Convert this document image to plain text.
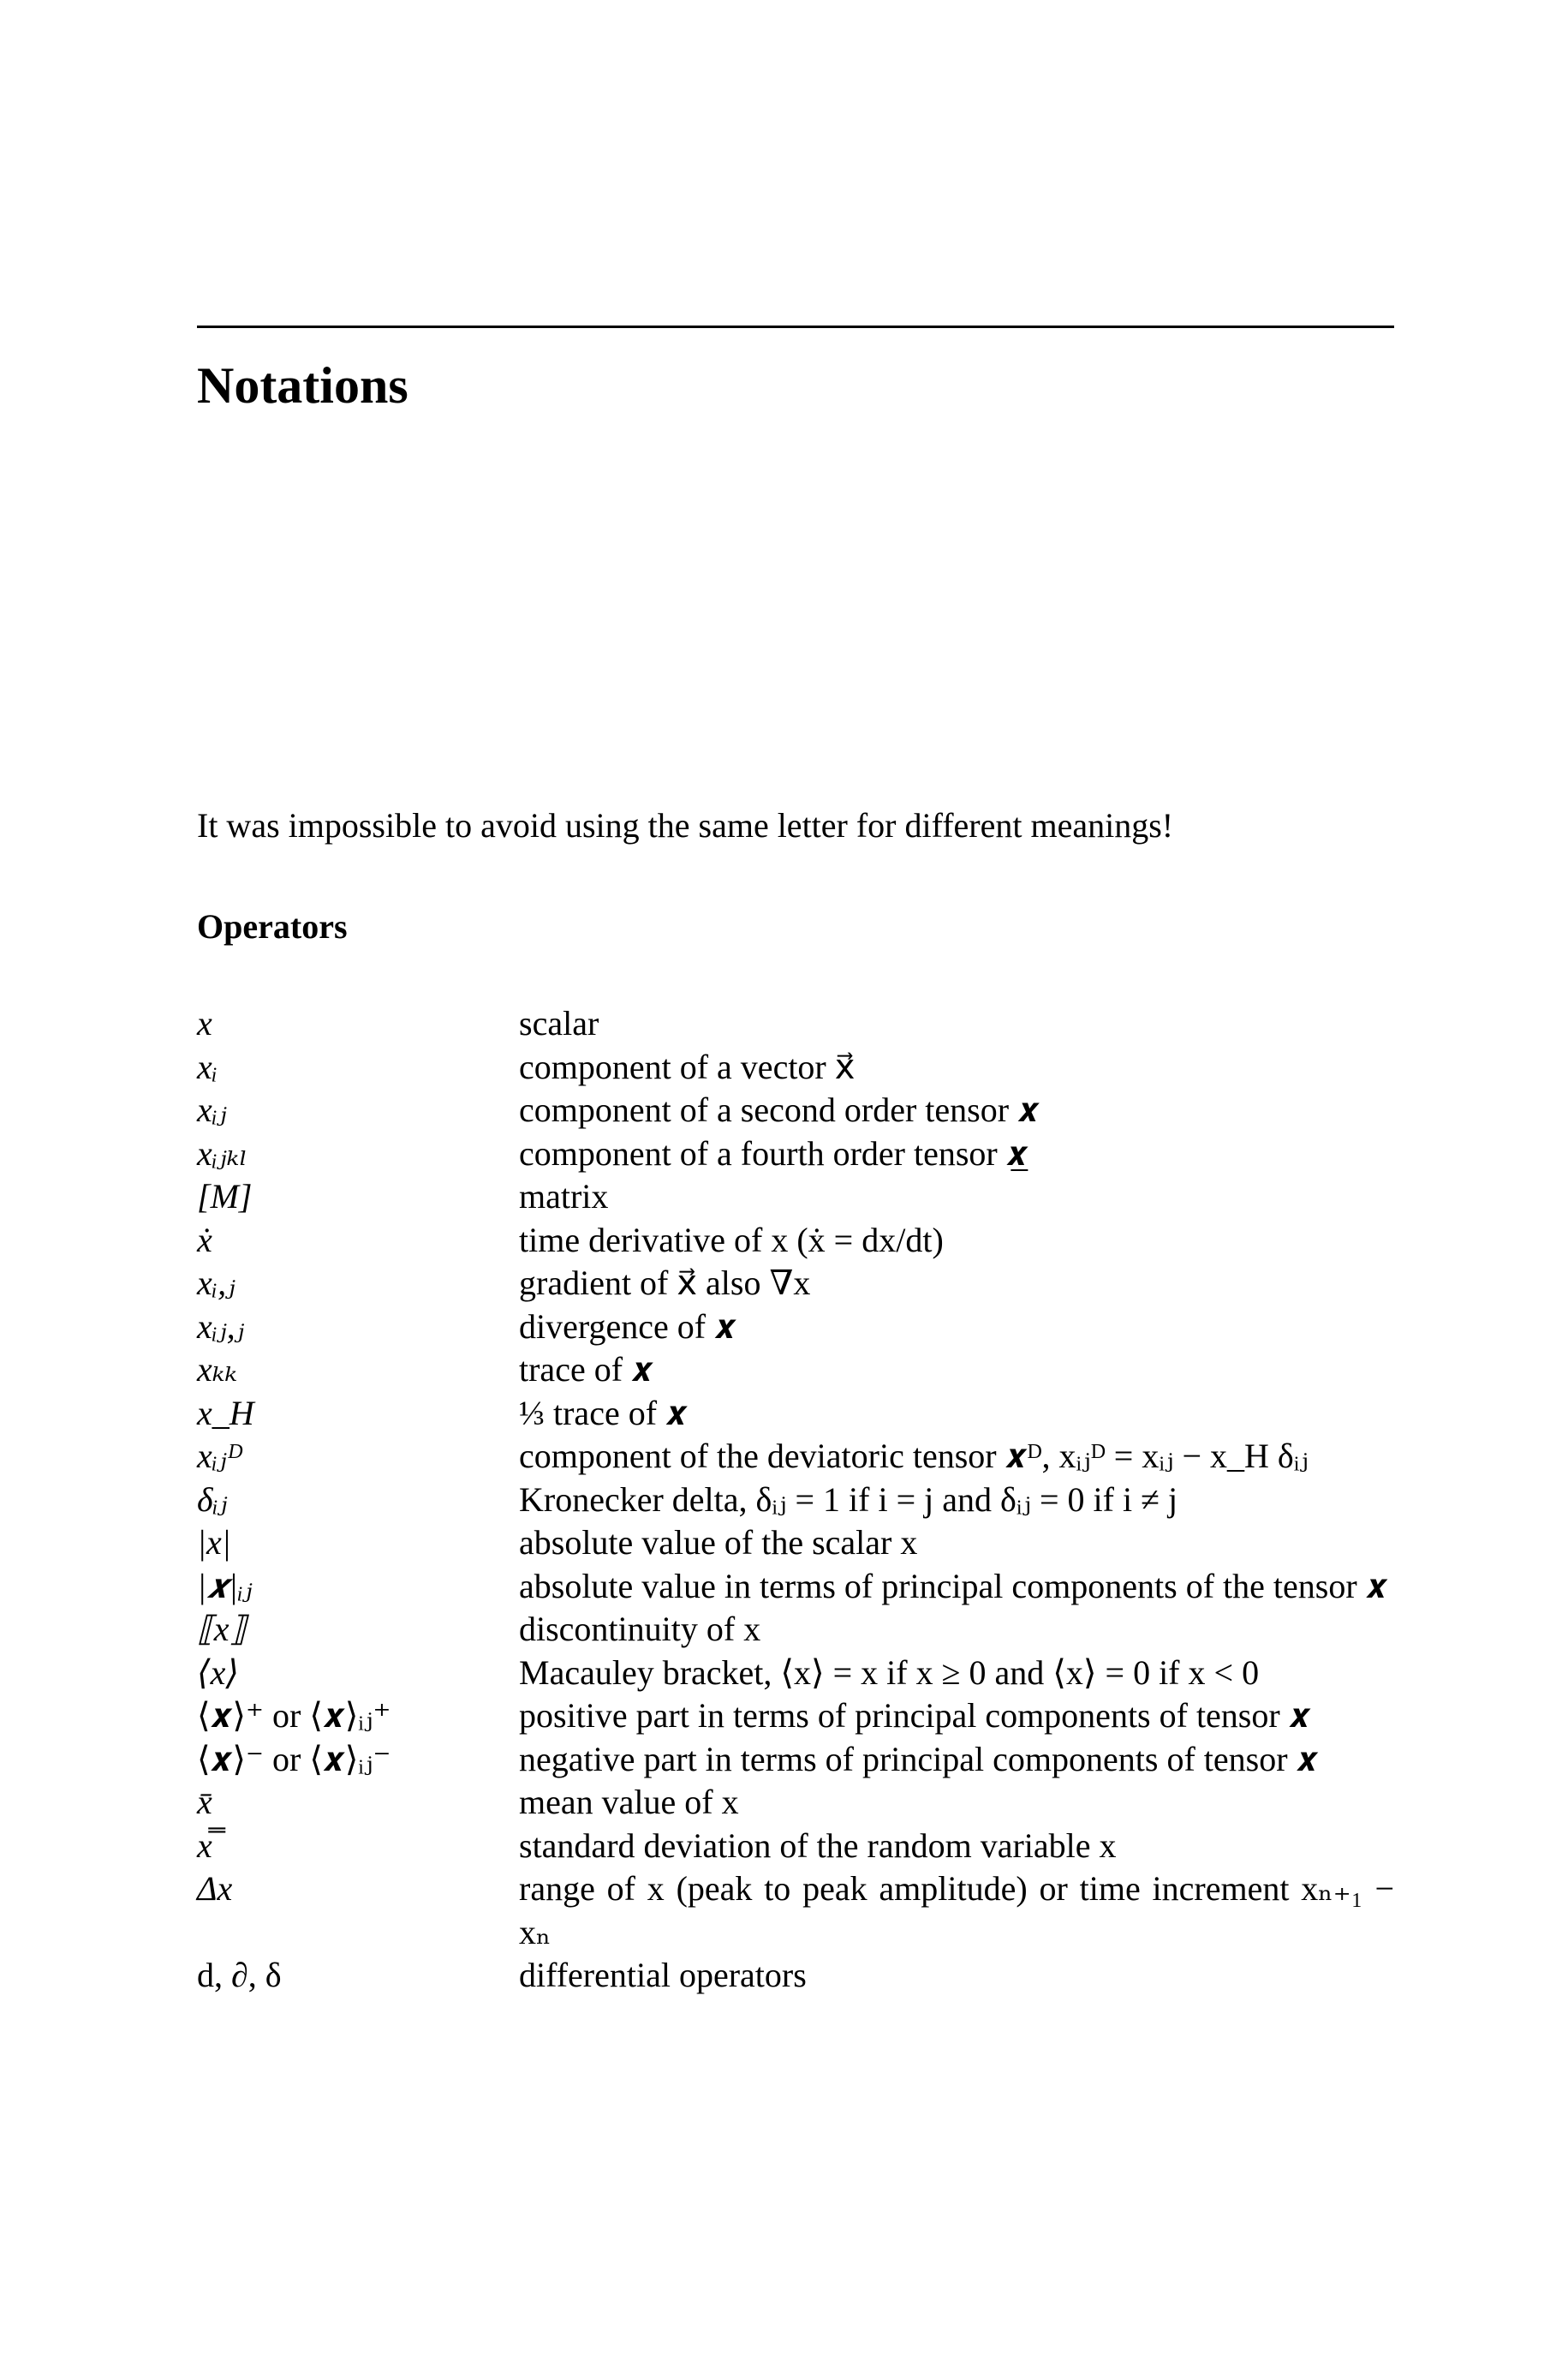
Notations

It was impossible to avoid using the same letter for different meanings!

Operators
x	scalar
xᵢ	component of a vector x⃗
xᵢⱼ	component of a second order tensor 𝒙
xᵢⱼₖₗ	component of a fourth order tensor 𝒙̲
[M]	matrix
ẋ	time derivative of x (ẋ = dx/dt)
xᵢ,ⱼ	gradient of x⃗ also ∇x
xᵢⱼ,ⱼ	divergence of 𝒙
xₖₖ	trace of 𝒙
x_H	⅓ trace of 𝒙
xᵢⱼᴰ	component of the deviatoric tensor 𝒙ᴰ, xᵢⱼᴰ = xᵢⱼ − x_H δᵢⱼ
δᵢⱼ	Kronecker delta, δᵢⱼ = 1 if i = j and δᵢⱼ = 0 if i ≠ j
|x|	absolute value of the scalar x
|𝒙|ᵢⱼ	absolute value in terms of principal components of the tensor 𝒙
⟦x⟧	discontinuity of x
⟨x⟩	Macauley bracket, ⟨x⟩ = x if x ≥ 0 and ⟨x⟩ = 0 if x < 0
⟨𝒙⟩⁺ or ⟨𝒙⟩ᵢⱼ⁺	positive part in terms of principal components of tensor 𝒙
⟨𝒙⟩⁻ or ⟨𝒙⟩ᵢⱼ⁻	negative part in terms of principal components of tensor 𝒙
x̄	mean value of x
x̿	standard deviation of the random variable x
Δx	range of x (peak to peak amplitude) or time increment xₙ₊₁ − xₙ
d, ∂, δ	differential operators
